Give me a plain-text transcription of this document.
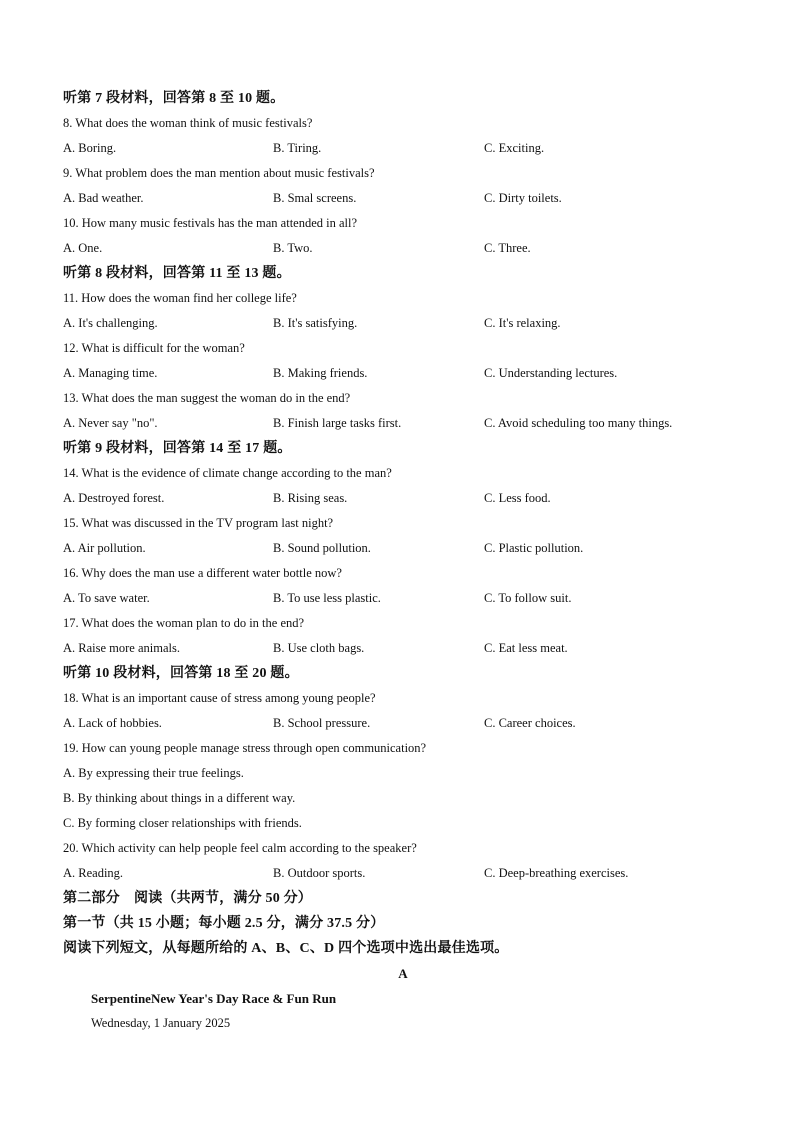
听第 7 段材料，回答第 8 至 10 题。
8. What does the woman think of music festivals?
A. Boring.	B. Tiring.	C. Exciting.
9. What problem does the man mention about music festivals?
A. Bad weather.	B. Smal screens.	C. Dirty toilets.
10. How many music festivals has the man attended in all?
A. One.	B. Two.	C. Three.
听第 8 段材料，回答第 11 至 13 题。
11. How does the woman find her college life?
A. It's challenging.	B. It's satisfying.	C. It's relaxing.
12. What is difficult for the woman?
A. Managing time.	B. Making friends.	C. Understanding lectures.
13. What does the man suggest the woman do in the end?
A. Never say "no".	B. Finish large tasks first.	C. Avoid scheduling too many things.
听第 9 段材料，回答第 14 至 17 题。
14. What is the evidence of climate change according to the man?
A. Destroyed forest.	B. Rising seas.	C. Less food.
15. What was discussed in the TV program last night?
A. Air pollution.	B. Sound pollution.	C. Plastic pollution.
16. Why does the man use a different water bottle now?
A. To save water.	B. To use less plastic.	C. To follow suit.
17. What does the woman plan to do in the end?
A. Raise more animals.	B. Use cloth bags.	C. Eat less meat.
听第 10 段材料，回答第 18 至 20 题。
18. What is an important cause of stress among young people?
A. Lack of hobbies.	B. School pressure.	C. Career choices.
19. How can young people manage stress through open communication?
A. By expressing their true feelings.
B. By thinking about things in a different way.
C. By forming closer relationships with friends.
20. Which activity can help people feel calm according to the speaker?
A. Reading.	B. Outdoor sports.	C. Deep-breathing exercises.
第二部分　阅读（共两节，满分 50 分）
第一节（共 15 小题；每小题 2.5 分，满分 37.5 分）
阅读下列短文，从每题所给的 A、B、C、D 四个选项中选出最佳选项。
A
SerpentineNew Year's Day Race & Fun Run
Wednesday, 1 January 2025
